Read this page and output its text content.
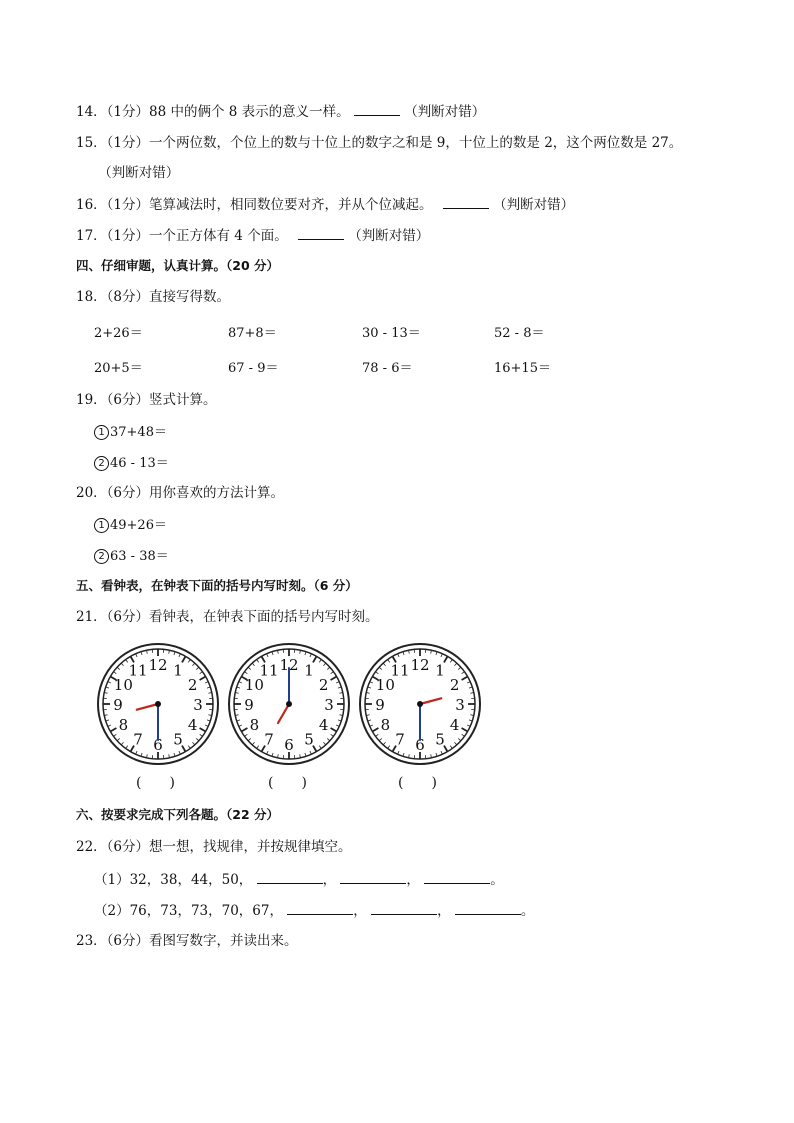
14．（1分）88 中的俩个 8 表示的意义一样。	（判断对错）
15．（1分）一个两位数，个位上的数与十位上的数字之和是 9，十位上的数是 2，这个两位数是 27。
（判断对错）
16．（1分）笔算减法时，相同数位要对齐，并从个位减起。	（判断对错）
17．（1分）一个正方体有 4 个面。	（判断对错）
四、仔细审题，认真计算。（20 分）
18．（8分）直接写得数。
2+26＝	87+8＝	30 - 13＝	52 - 8＝
20+5＝	67 - 9＝	78 - 6＝	16+15＝
19．（6分）竖式计算。
1 37+48＝
2 46 - 13＝
20．（6分）用你喜欢的方法计算。
1 49+26＝
2 63 - 38＝
五、看钟表，在钟表下面的括号内写时刻。（6 分）
21．（6分）看钟表，在钟表下面的括号内写时刻。
12 1
2
3
4
5
6
7
8
9
10
11	12 1
2
3
4
5
6
7
8
9
10
11	12 1
2
3
4
5
6
7
8
9
10
11
(　　)	(　　)	(　　)
六、按要求完成下列各题。（22 分）
22．（6分）想一想，找规律，并按规律填空。
（1）32，38，44，50，	，	，	。
（2）76，73，73，70，67，	，	，	。
23．（6分）看图写数字，并读出来。
